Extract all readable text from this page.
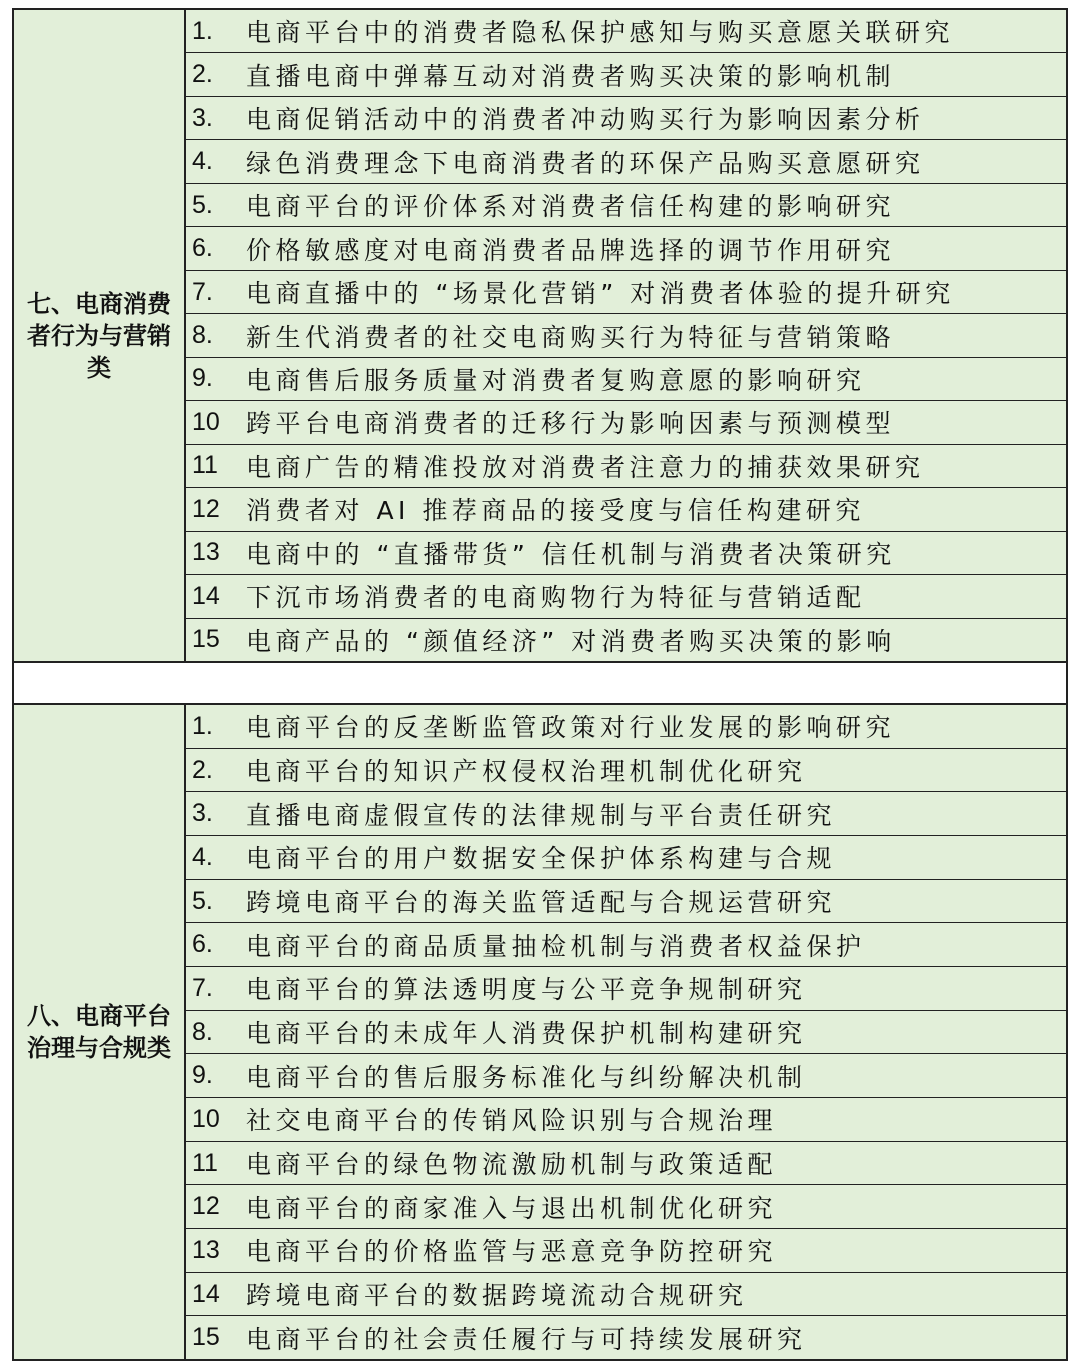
七、电商消费者行为与营销类
1.	电商平台中的消费者隐私保护感知与购买意愿关联研究
2.	直播电商中弹幕互动对消费者购买决策的影响机制
3.	电商促销活动中的消费者冲动购买行为影响因素分析
4.	绿色消费理念下电商消费者的环保产品购买意愿研究
5.	电商平台的评价体系对消费者信任构建的影响研究
6.	价格敏感度对电商消费者品牌选择的调节作用研究
7.	电商直播中的 “场景化营销” 对消费者体验的提升研究
8.	新生代消费者的社交电商购买行为特征与营销策略
9.	电商售后服务质量对消费者复购意愿的影响研究
10	跨平台电商消费者的迁移行为影响因素与预测模型
11	电商广告的精准投放对消费者注意力的捕获效果研究
12	消费者对 AI 推荐商品的接受度与信任构建研究
13	电商中的 “直播带货” 信任机制与消费者决策研究
14	下沉市场消费者的电商购物行为特征与营销适配
15	电商产品的 “颜值经济” 对消费者购买决策的影响
八、电商平台治理与合规类
1.	电商平台的反垄断监管政策对行业发展的影响研究
2.	电商平台的知识产权侵权治理机制优化研究
3.	直播电商虚假宣传的法律规制与平台责任研究
4.	电商平台的用户数据安全保护体系构建与合规
5.	跨境电商平台的海关监管适配与合规运营研究
6.	电商平台的商品质量抽检机制与消费者权益保护
7.	电商平台的算法透明度与公平竞争规制研究
8.	电商平台的未成年人消费保护机制构建研究
9.	电商平台的售后服务标准化与纠纷解决机制
10	社交电商平台的传销风险识别与合规治理
11	电商平台的绿色物流激励机制与政策适配
12	电商平台的商家准入与退出机制优化研究
13	电商平台的价格监管与恶意竞争防控研究
14	跨境电商平台的数据跨境流动合规研究
15	电商平台的社会责任履行与可持续发展研究
